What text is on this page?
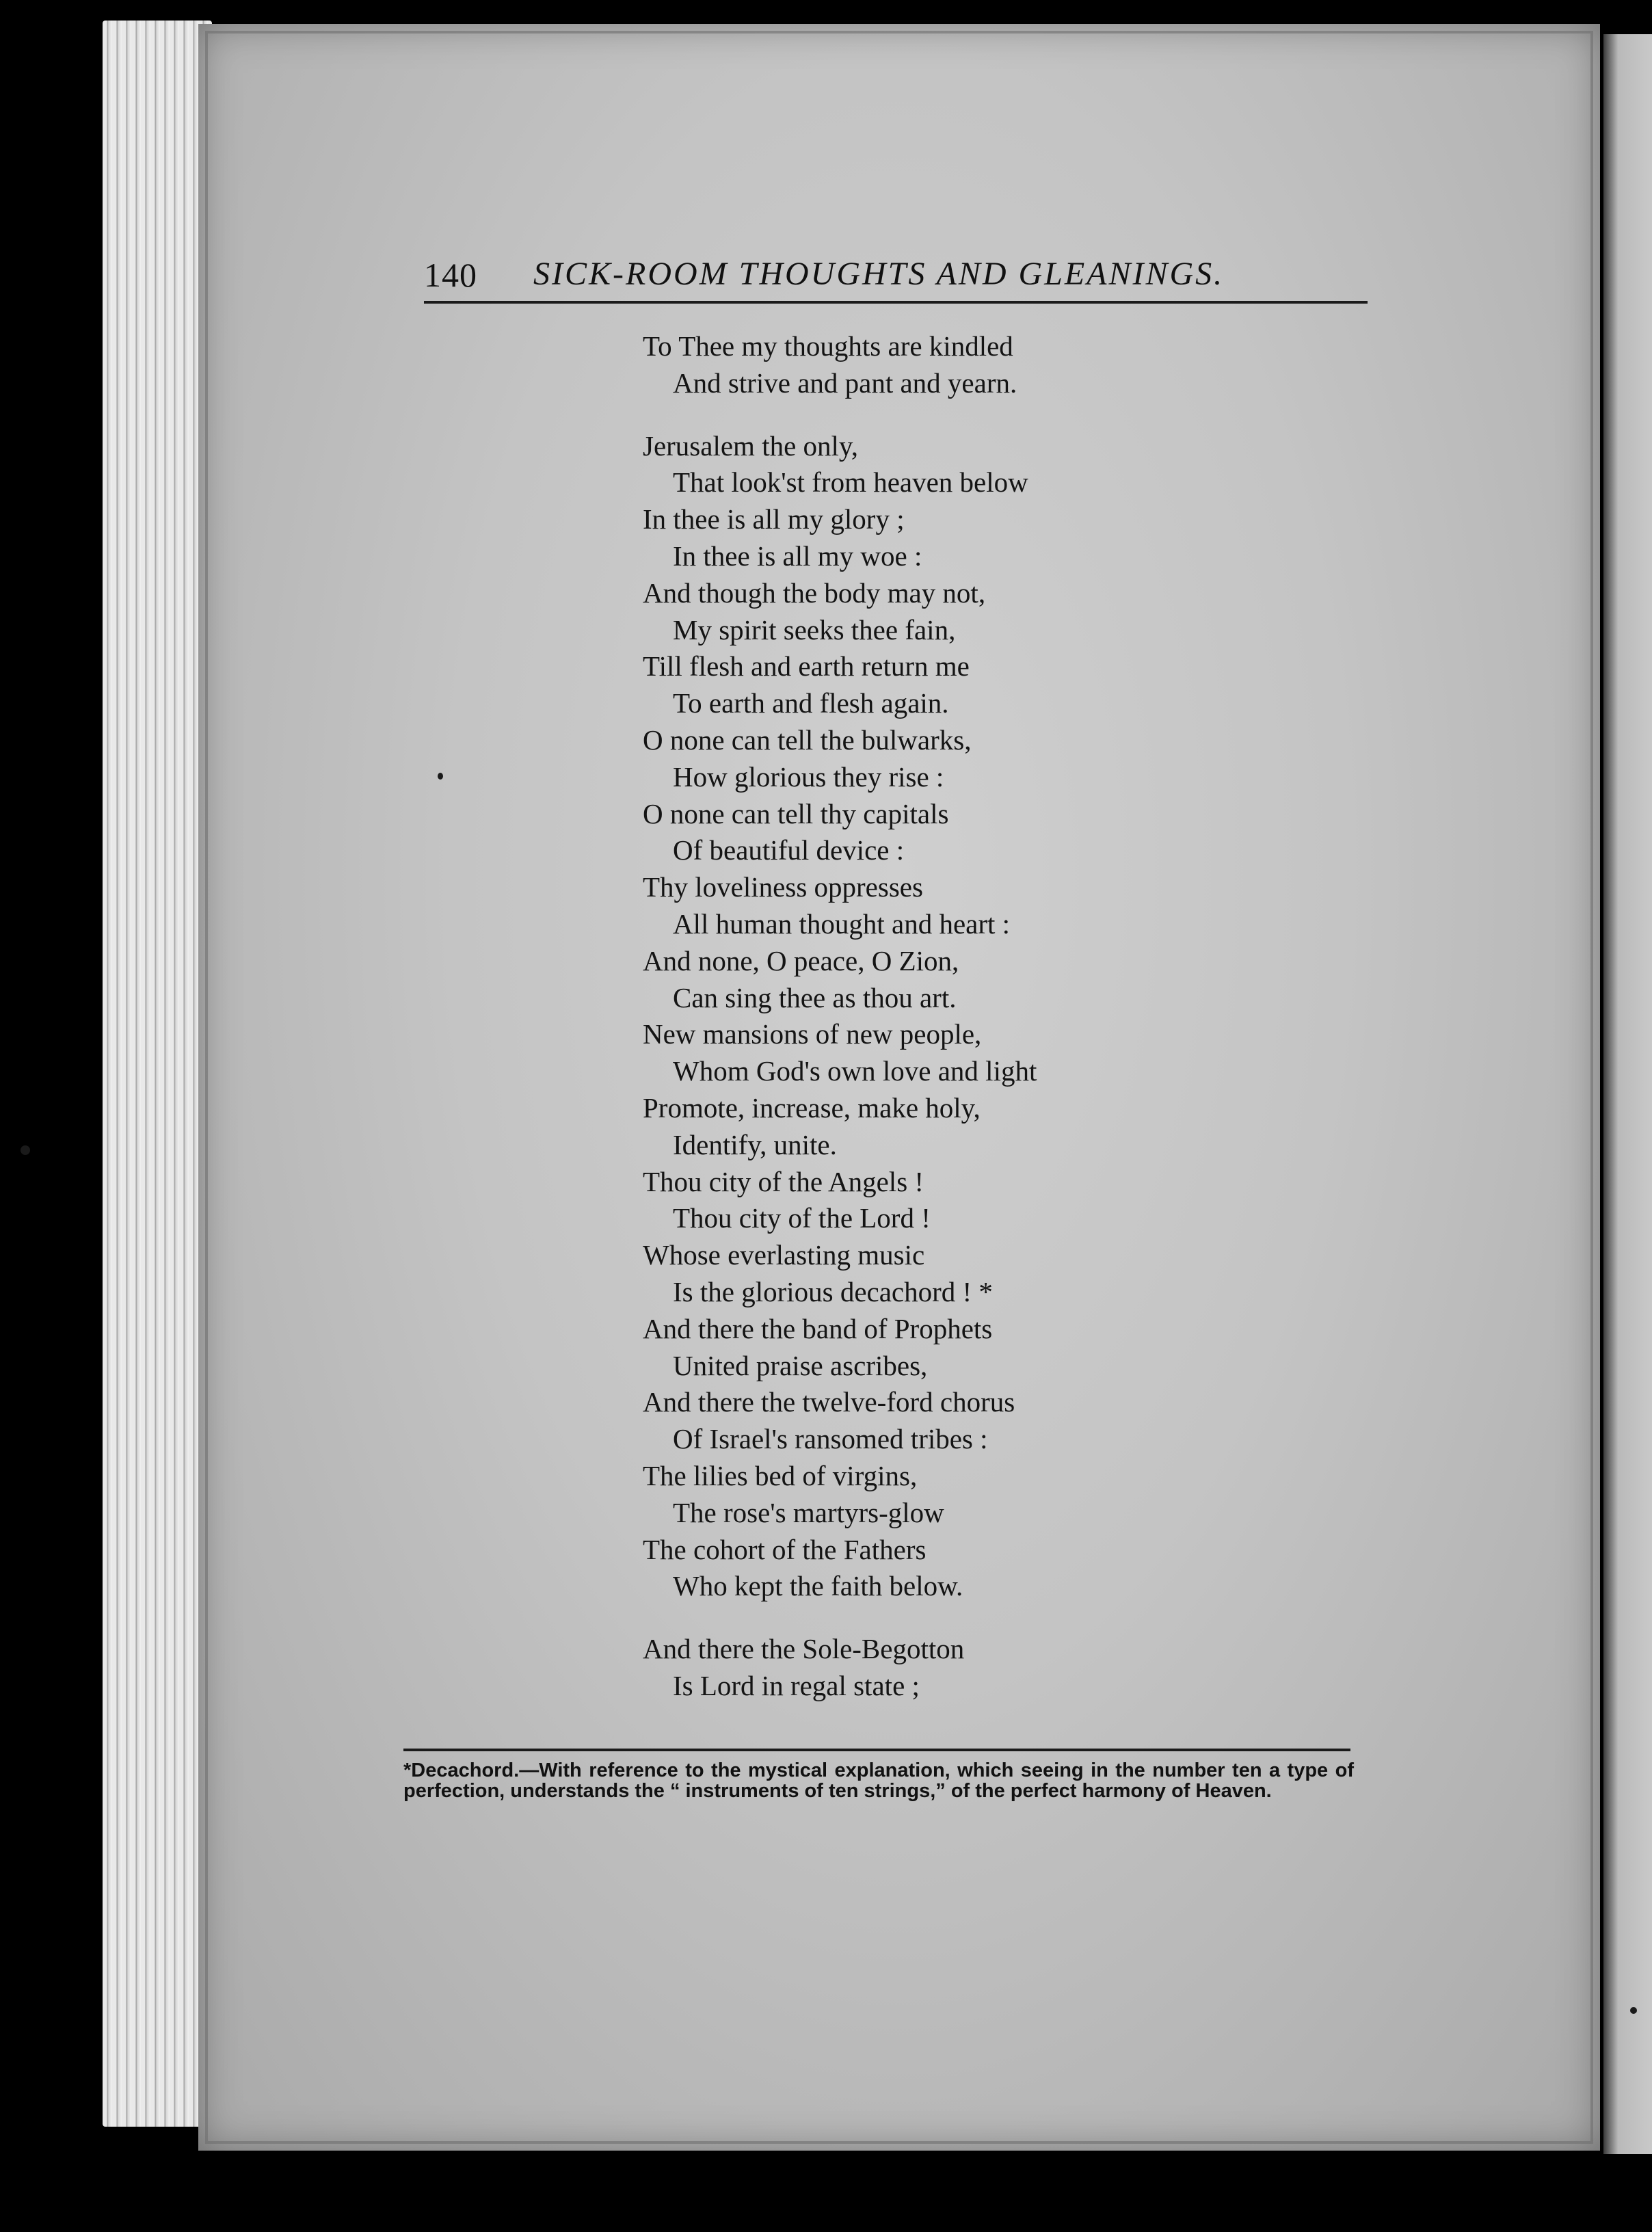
140 SICK-ROOM THOUGHTS AND GLEANINGS.
To Thee my thoughts are kindled
And strive and pant and yearn.
Jerusalem the only,
That look'st from heaven below
In thee is all my glory ;
In thee is all my woe :
And though the body may not,
My spirit seeks thee fain,
Till flesh and earth return me
To earth and flesh again.
O none can tell the bulwarks,
How glorious they rise :
O none can tell thy capitals
Of beautiful device :
Thy loveliness oppresses
All human thought and heart :
And none, O peace, O Zion,
Can sing thee as thou art.
New mansions of new people,
Whom God's own love and light
Promote, increase, make holy,
Identify, unite.
Thou city of the Angels !
Thou city of the Lord !
Whose everlasting music
Is the glorious decachord ! *
And there the band of Prophets
United praise ascribes,
And there the twelve-ford chorus
Of Israel's ransomed tribes :
The lilies bed of virgins,
The rose's martyrs-glow
The cohort of the Fathers
Who kept the faith below.
And there the Sole-Begotton
Is Lord in regal state ;
*Decachord.—With reference to the mystical explanation, which seeing in the number ten a type of perfection, understands the “ instruments of ten strings,” of the perfect harmony of Heaven.
